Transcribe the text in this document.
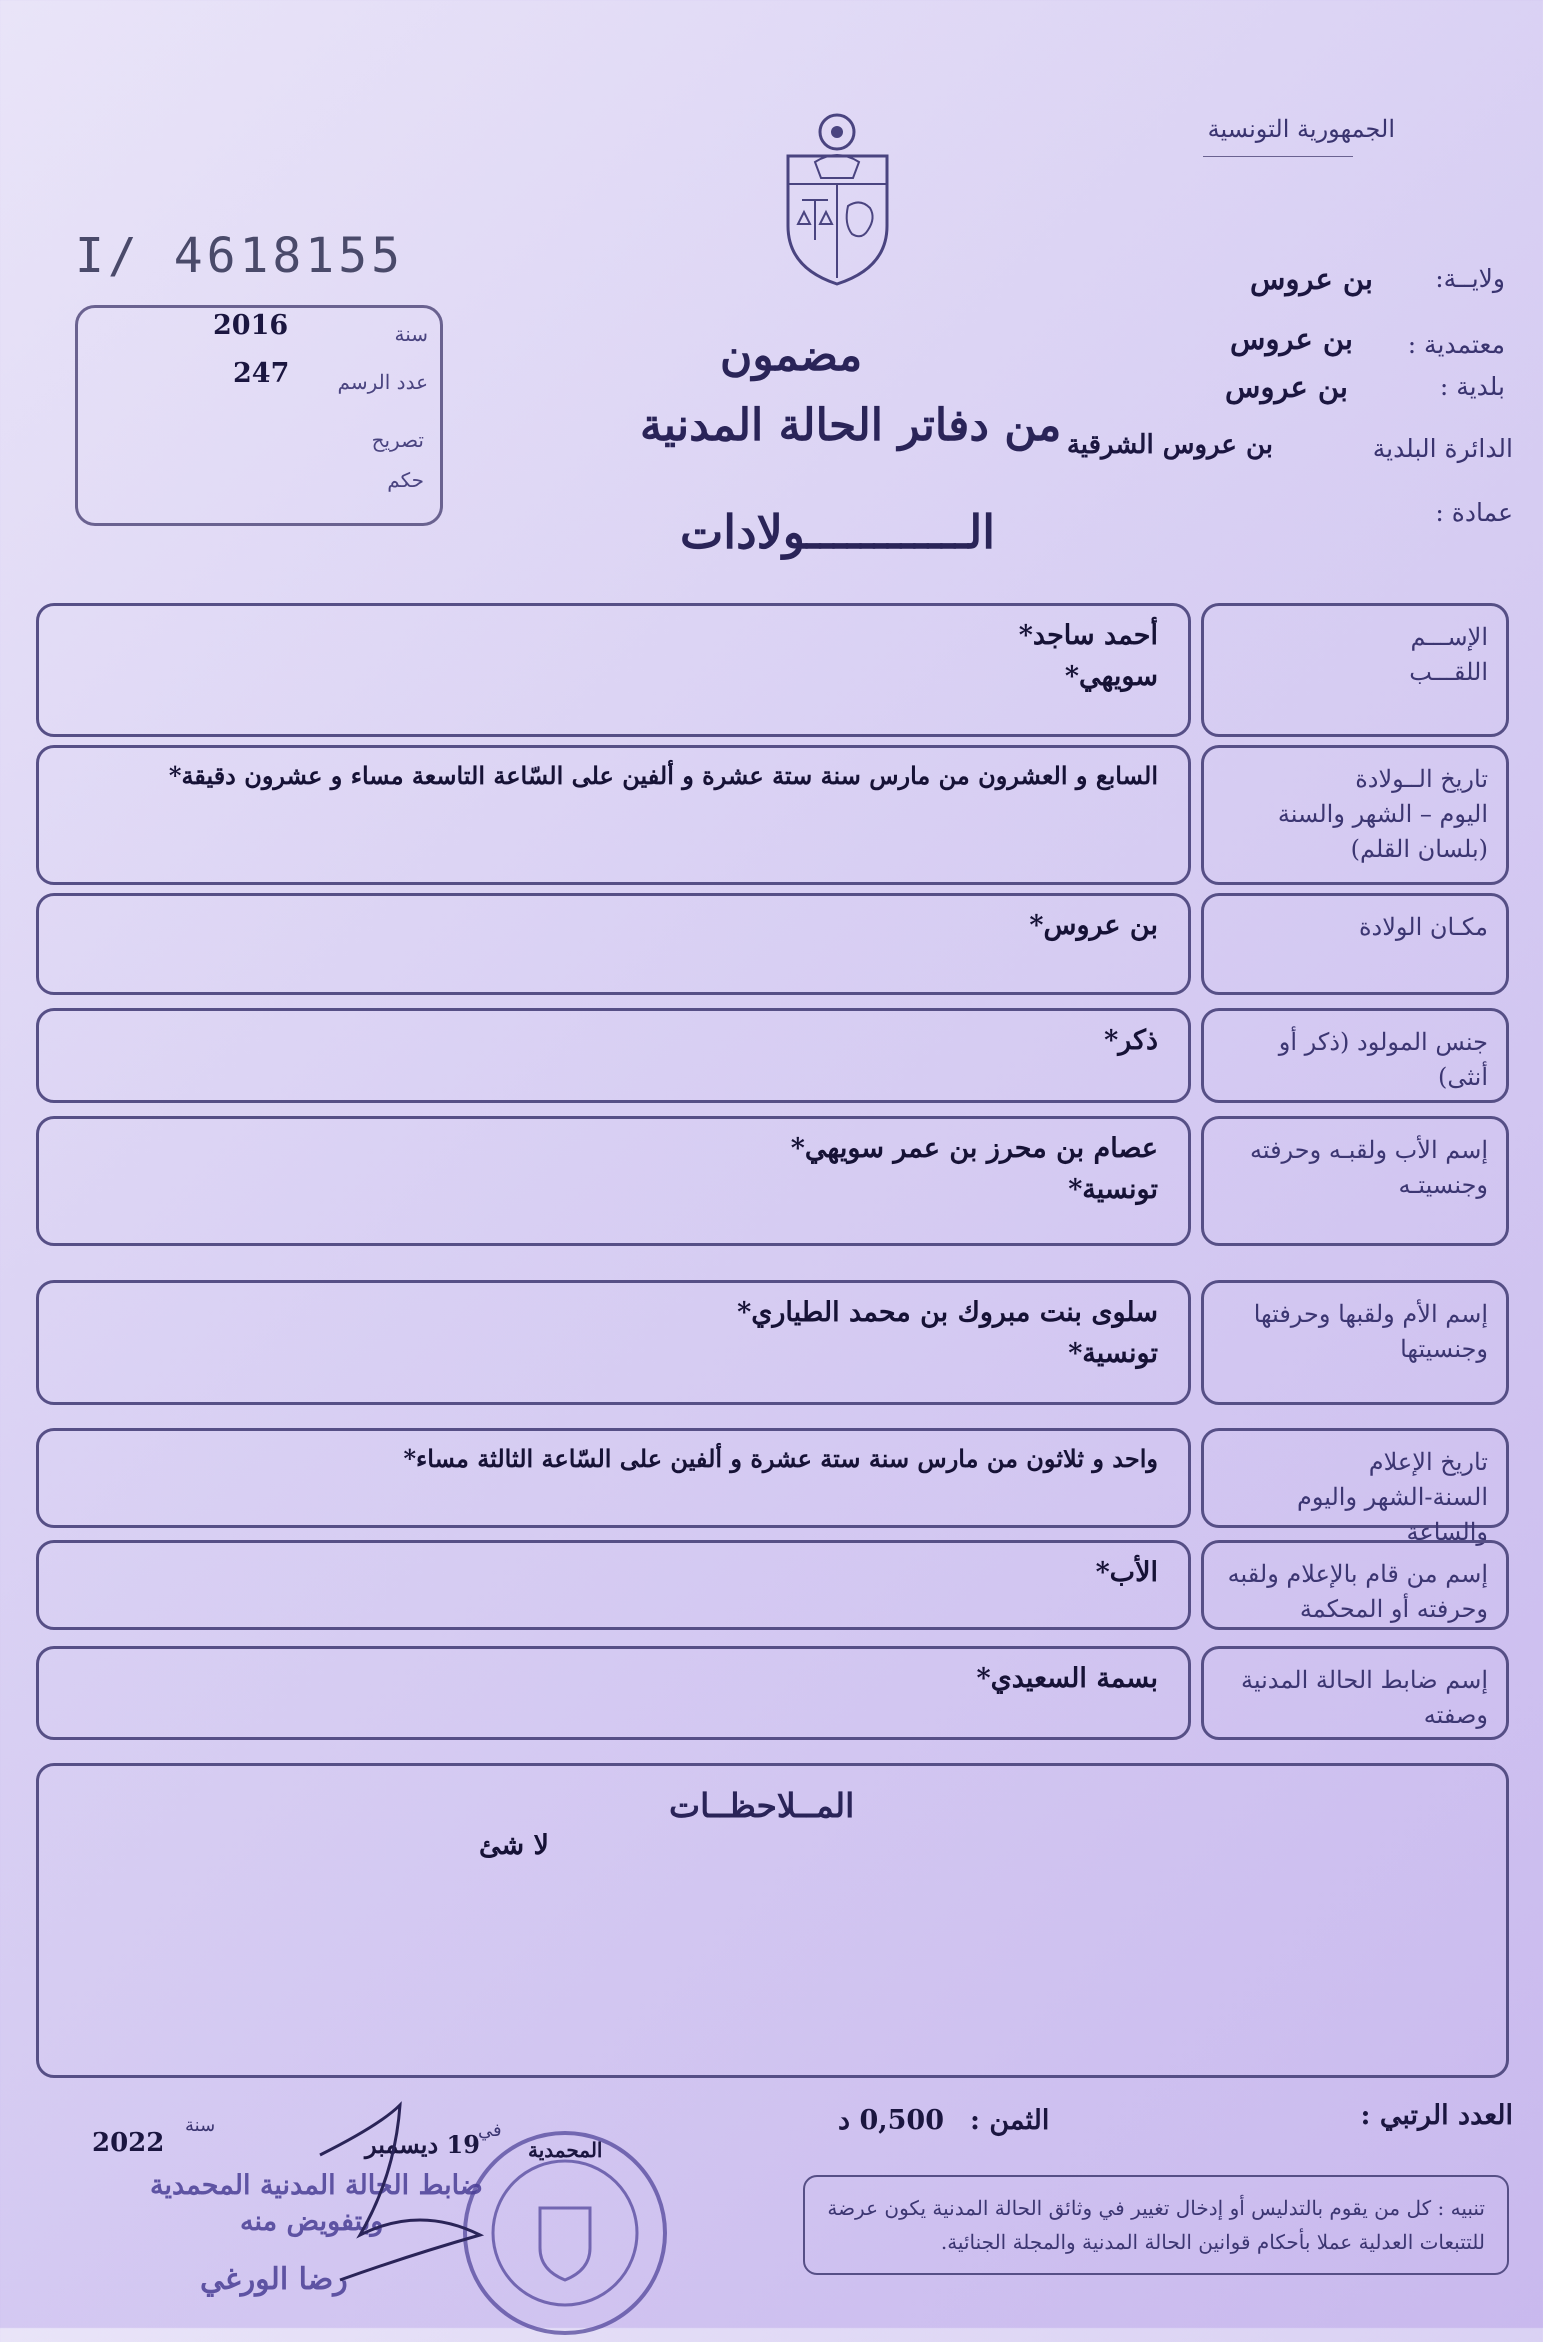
الجمهورية التونسية
ولايــة:
بن عروس
معتمدية :
بن عروس
بلدية :
بن عروس
الدائرة البلدية
بن عروس الشرقية
عمادة :
I/ 4618155
2016	سنة
247 عدد الرسم
تصريح
حكم
مضمون
من دفاتر الحالة المدنية
الــــــــــــولادات
الإســـم
اللقـــب
أحمد ساجد*
سويهي*
تاريخ الــولادة
اليوم – الشهر والسنة
(بلسان القلم)
السابع و العشرون من مارس سنة ستة عشرة و ألفين على السّاعة التاسعة مساء و عشرون دقيقة*
مكـان الولادة
بن عروس*
جنس المولود (ذكر أو أنثى)
ذكر*
إسم الأب ولقبـه وحرفته
وجنسيتـه
عصام بن محرز بن عمر سويهي*
تونسية*
إسم الأم ولقبها وحرفتها
وجنسيتها
سلوى بنت مبروك بن محمد الطياري*
تونسية*
تاريخ الإعلام
السنة-الشهر واليوم والساعة
واحد و ثلاثون من مارس سنة ستة عشرة و ألفين على السّاعة الثالثة مساء*
إسم من قام بالإعلام ولقبه
وحرفته أو المحكمة
الأب*
إسم ضابط الحالة المدنية
وصفته
بسمة السعيدي*
المــلاحظــات
لا شئ
العدد الرتبي :
الثمن :
0,500 د
المحمدية
في
19 ديسمبر
سنة
2022
ضابط الحالة المدنية المحمدية
وبتفويض منه
رضا الورغي
تنبيه : كل من يقوم بالتدليس أو إدخال تغيير في وثائق الحالة المدنية يكون عرضة للتتبعات العدلية عملا بأحكام قوانين الحالة المدنية والمجلة الجنائية.
